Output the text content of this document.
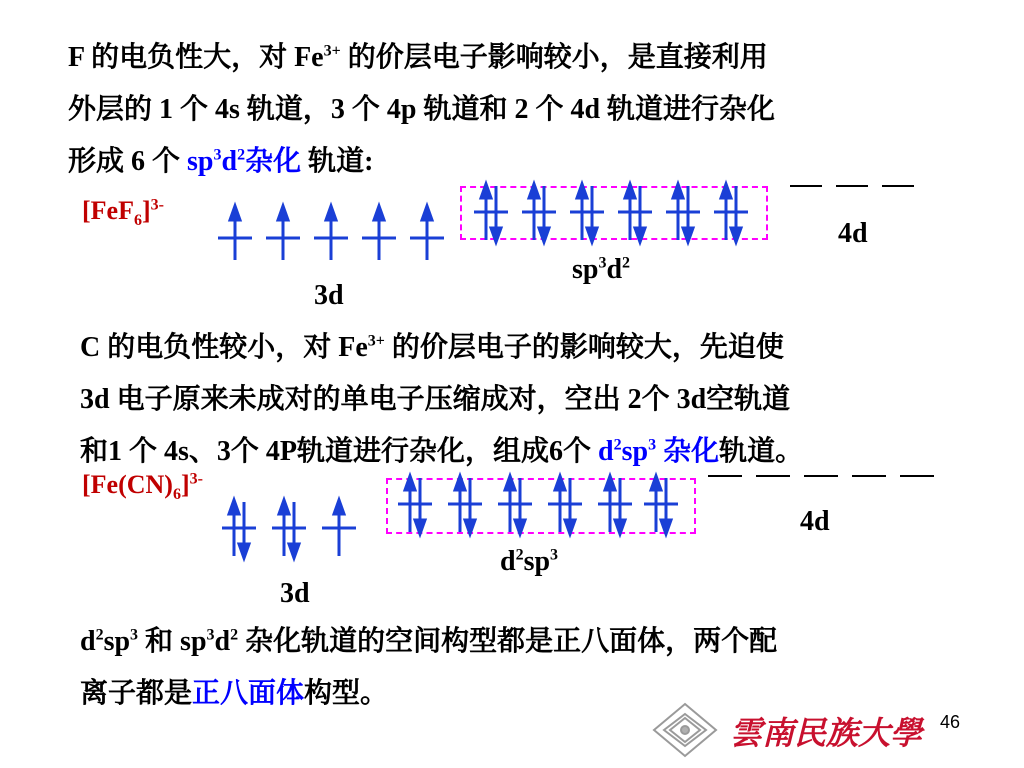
F 的电负性大，对 $Fe^{3+}$ 的价层电子影响较小，是直接利用
外层的 1 个 4s 轨道，3 个 4p 轨道和 2 个 4d 轨道进行杂化
形成 6 个 $sp^3d^2$杂化 轨道:
$[FeF_6]^{3-}$
3d
$sp^3d^2$
4d
C 的电负性较小，对 $Fe^{3+}$ 的价层电子的影响较大，先迫使
3d 电子原来未成对的单电子压缩成对，空出 2个 3d空轨道
和1 个 4s、3个 4P轨道进行杂化，组成6个 $d^2sp^3$ 杂化轨道。
$[Fe(CN)_6]^{3-}$
3d
$d^2sp^3$
4d
$d^2sp^3$ 和 $sp^3d^2$ 杂化轨道的空间构型都是正八面体，两个配
离子都是正八面体构型。
雲南民族大學 46
